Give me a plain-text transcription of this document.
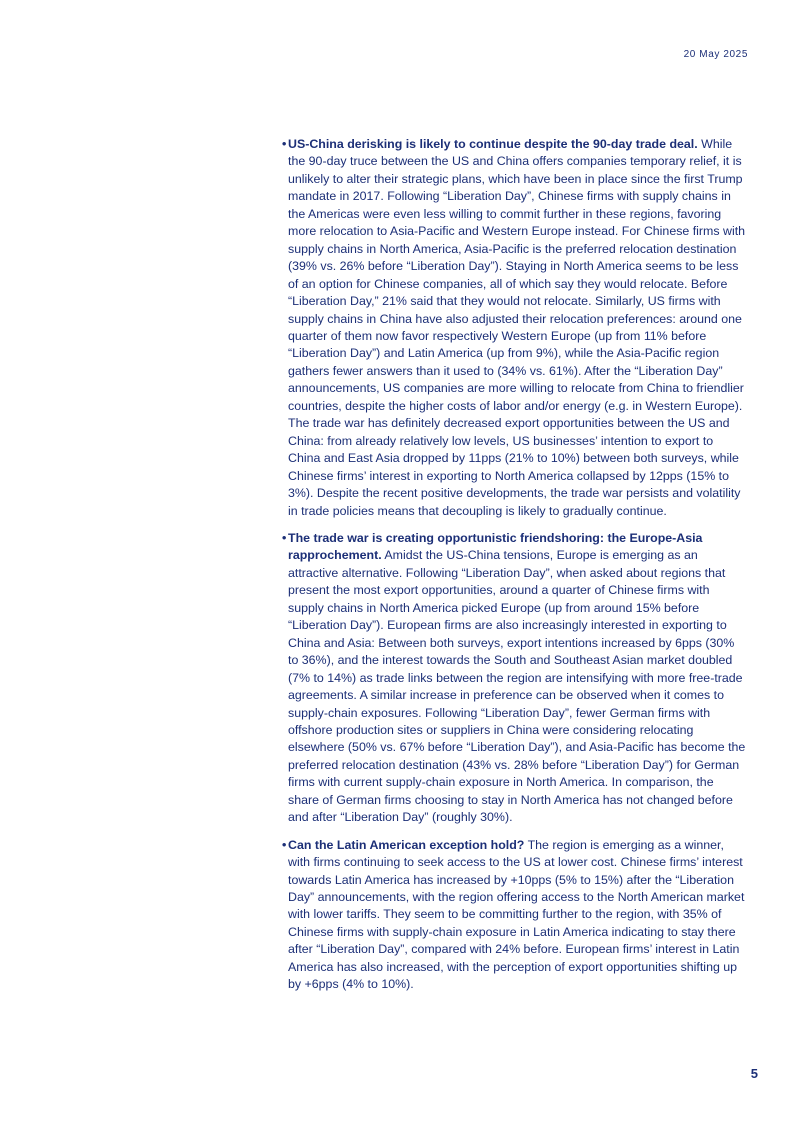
20 May 2025

• US-China derisking is likely to continue despite the 90-day trade deal. While the 90-day truce between the US and China offers companies temporary relief, it is unlikely to alter their strategic plans, which have been in place since the first Trump mandate in 2017. Following “Liberation Day”, Chinese firms with supply chains in the Americas were even less willing to commit further in these regions, favoring more relocation to Asia-Pacific and Western Europe instead. For Chinese firms with supply chains in North America, Asia-Pacific is the preferred relocation destination (39% vs. 26% before “Liberation Day”). Staying in North America seems to be less of an option for Chinese companies, all of which say they would relocate. Before “Liberation Day,” 21% said that they would not relocate. Similarly, US firms with supply chains in China have also adjusted their relocation preferences: around one quarter of them now favor respectively Western Europe (up from 11% before “Liberation Day”) and Latin America (up from 9%), while the Asia-Pacific region gathers fewer answers than it used to (34% vs. 61%). After the “Liberation Day” announcements, US companies are more willing to relocate from China to friendlier countries, despite the higher costs of labor and/or energy (e.g. in Western Europe). The trade war has definitely decreased export opportunities between the US and China: from already relatively low levels, US businesses’ intention to export to China and East Asia dropped by 11pps (21% to 10%) between both surveys, while Chinese firms’ interest in exporting to North America collapsed by 12pps (15% to 3%). Despite the recent positive developments, the trade war persists and volatility in trade policies means that decoupling is likely to gradually continue.

• The trade war is creating opportunistic friendshoring: the Europe-Asia rapprochement. Amidst the US-China tensions, Europe is emerging as an attractive alternative. Following “Liberation Day”, when asked about regions that present the most export opportunities, around a quarter of Chinese firms with supply chains in North America picked Europe (up from around 15% before “Liberation Day”). European firms are also increasingly interested in exporting to China and Asia: Between both surveys, export intentions increased by 6pps (30% to 36%), and the interest towards the South and Southeast Asian market doubled (7% to 14%) as trade links between the region are intensifying with more free-trade agreements. A similar increase in preference can be observed when it comes to supply-chain exposures. Following “Liberation Day”, fewer German firms with offshore production sites or suppliers in China were considering relocating elsewhere (50% vs. 67% before “Liberation Day”), and Asia-Pacific has become the preferred relocation destination (43% vs. 28% before “Liberation Day”) for German firms with current supply-chain exposure in North America. In comparison, the share of German firms choosing to stay in North America has not changed before and after “Liberation Day” (roughly 30%).

• Can the Latin American exception hold? The region is emerging as a winner, with firms continuing to seek access to the US at lower cost. Chinese firms’ interest towards Latin America has increased by +10pps (5% to 15%) after the “Liberation Day” announcements, with the region offering access to the North American market with lower tariffs. They seem to be committing further to the region, with 35% of Chinese firms with supply-chain exposure in Latin America indicating to stay there after “Liberation Day”, compared with 24% before. European firms’ interest in Latin America has also increased, with the perception of export opportunities shifting up by +6pps (4% to 10%).

5
